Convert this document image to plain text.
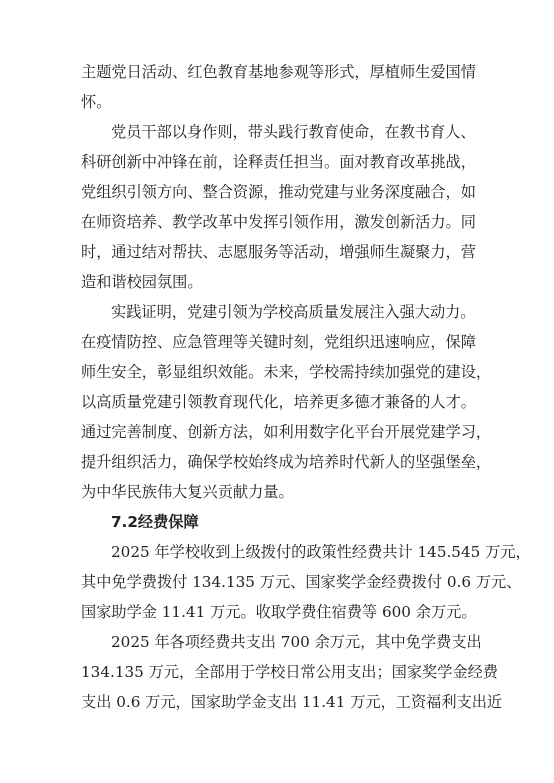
主题党日活动、红色教育基地参观等形式，厚植师生爱国情
怀。
党员干部以身作则，带头践行教育使命，在教书育人、
科研创新中冲锋在前，诠释责任担当。面对教育改革挑战，
党组织引领方向、整合资源，推动党建与业务深度融合，如
在师资培养、教学改革中发挥引领作用，激发创新活力。同
时，通过结对帮扶、志愿服务等活动，增强师生凝聚力，营
造和谐校园氛围。
实践证明，党建引领为学校高质量发展注入强大动力。
在疫情防控、应急管理等关键时刻，党组织迅速响应，保障
师生安全，彰显组织效能。未来，学校需持续加强党的建设，
以高质量党建引领教育现代化，培养更多德才兼备的人才。
通过完善制度、创新方法，如利用数字化平台开展党建学习，
提升组织活力，确保学校始终成为培养时代新人的坚强堡垒，
为中华民族伟大复兴贡献力量。
7.2经费保障
2025 年学校收到上级拨付的政策性经费共计 145.545 万元，
其中免学费拨付 134.135 万元、国家奖学金经费拨付 0.6 万元、
国家助学金 11.41 万元。收取学费住宿费等 600 余万元。
2025 年各项经费共支出 700 余万元，其中免学费支出
134.135 万元，全部用于学校日常公用支出；国家奖学金经费
支出 0.6 万元，国家助学金支出 11.41 万元，工资福利支出近
